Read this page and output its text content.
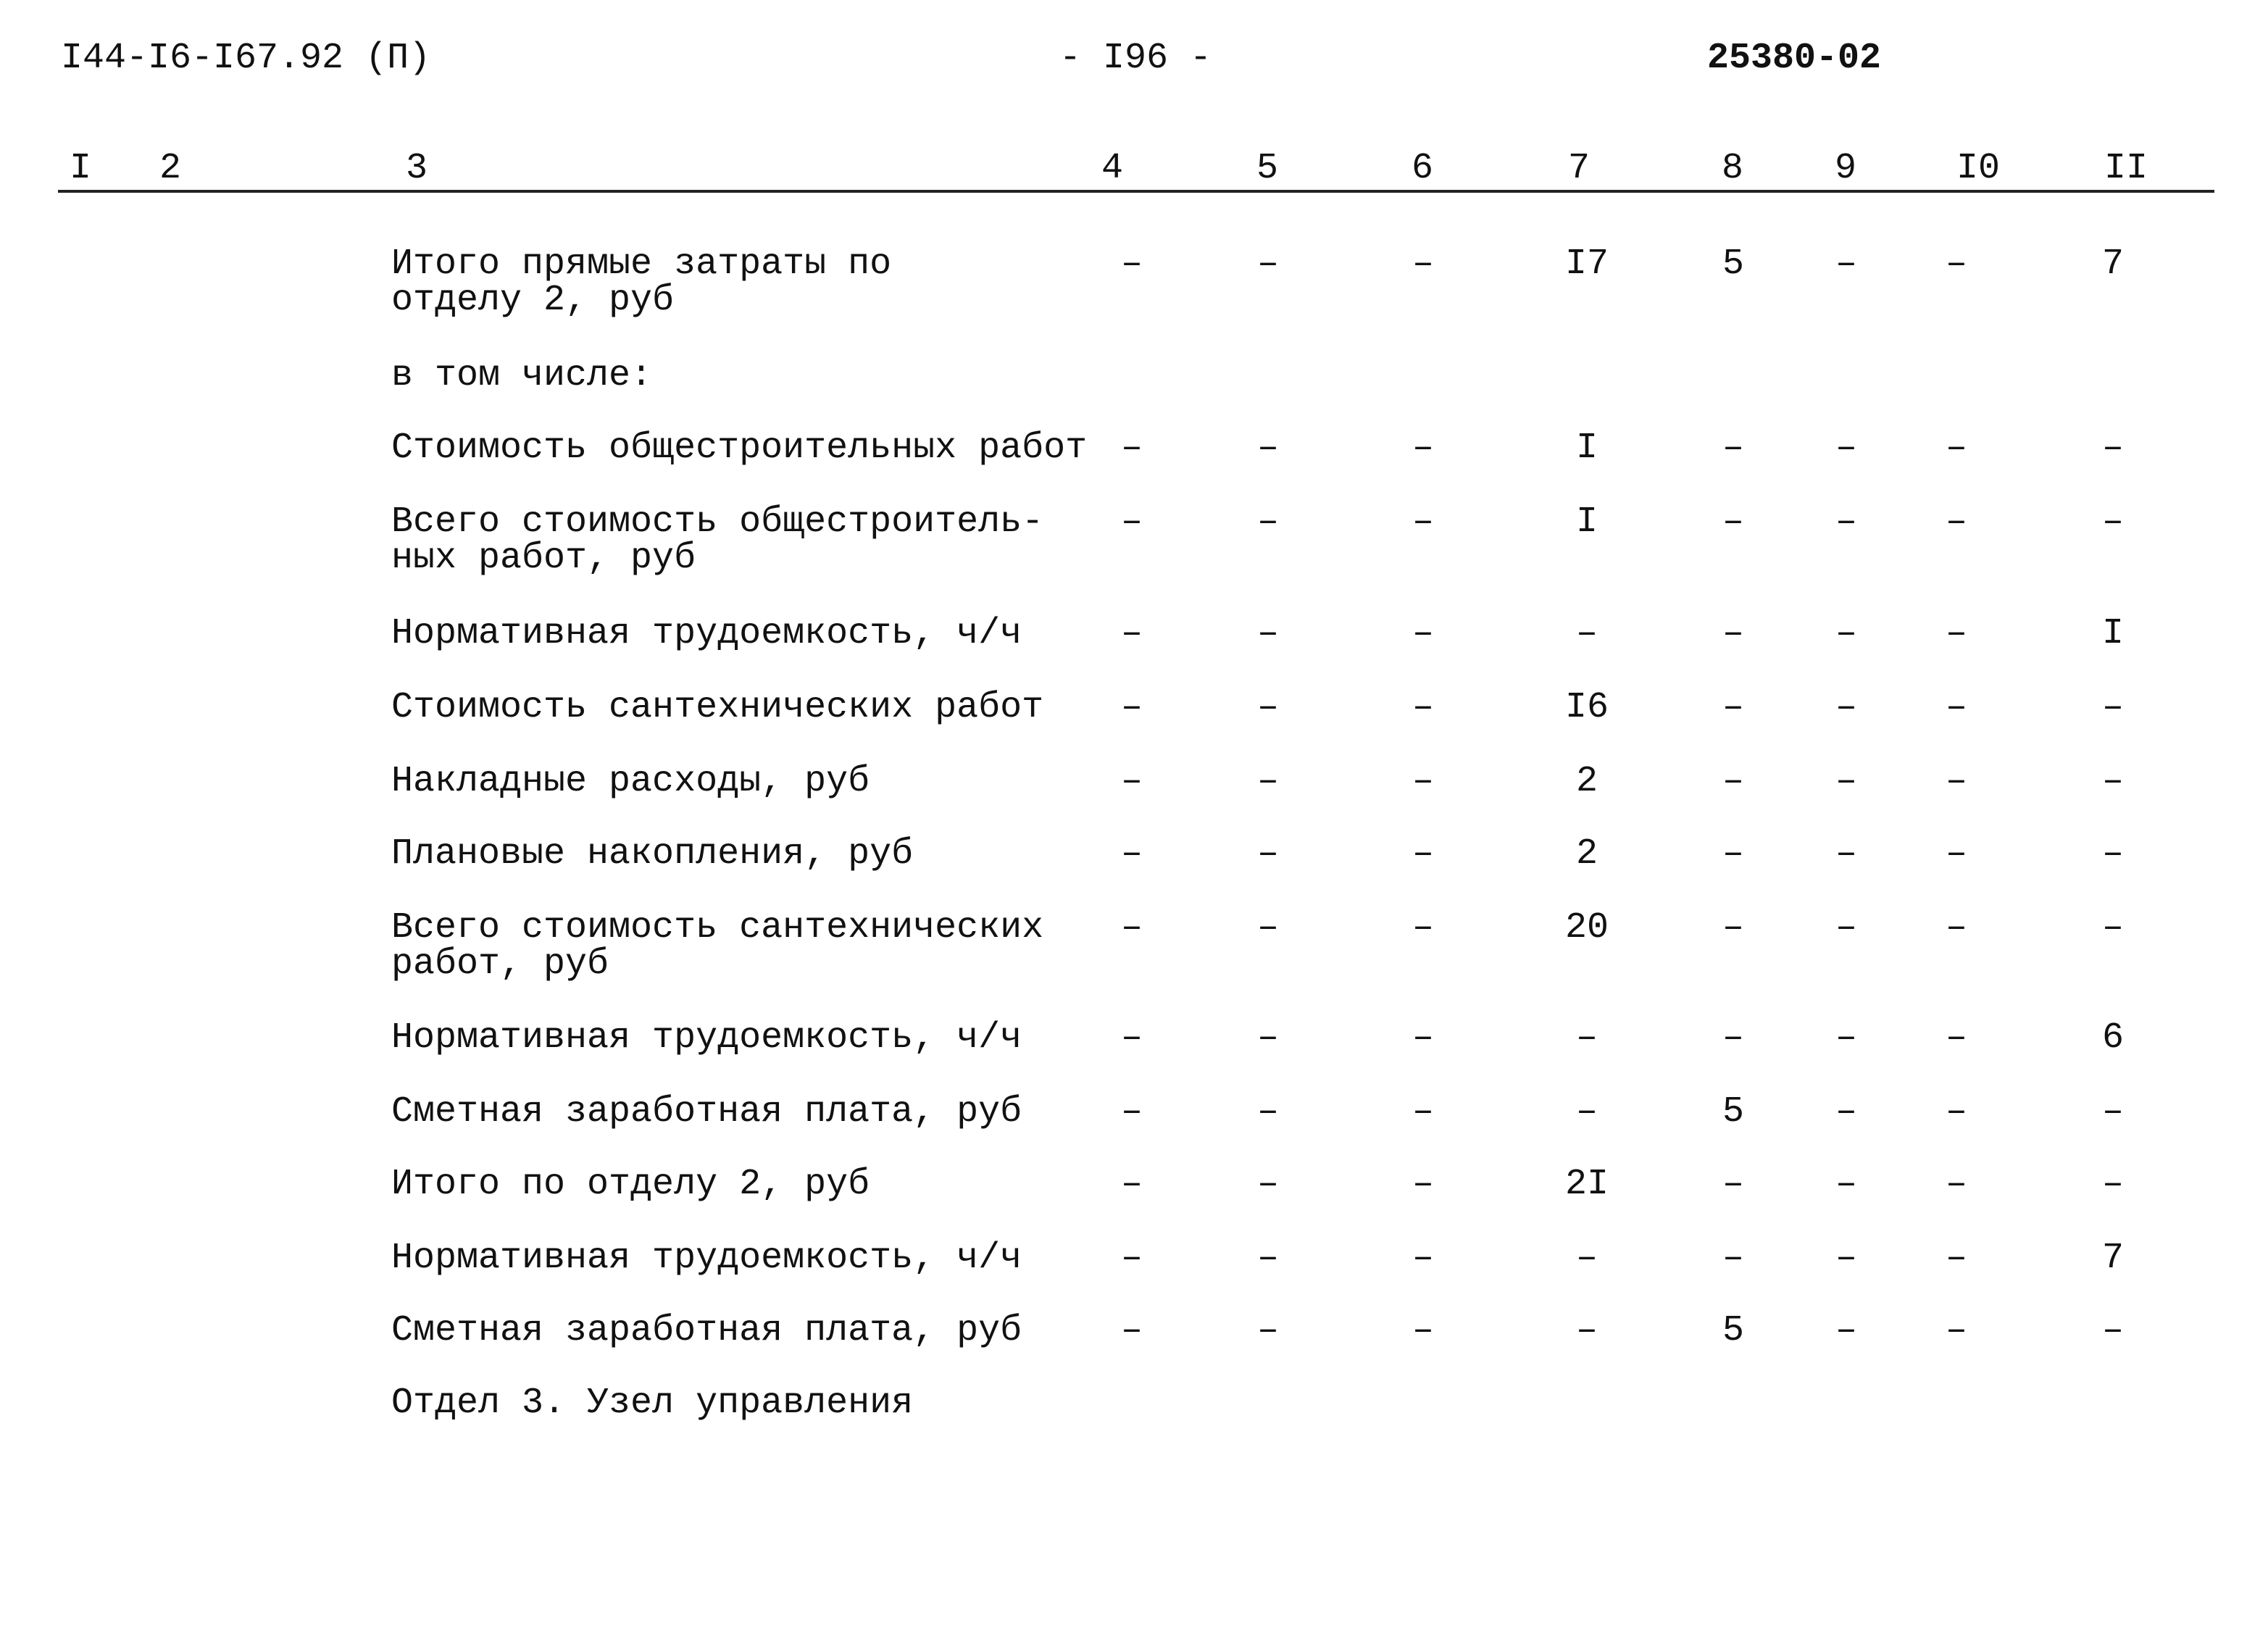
I44-I6-I67.92 (П)	- I96 -	25380-02
I 2	3	4	5	6	7	8	9	I0	II
Итого прямые затраты по
отделу 2, руб
–	–	–	I7	5	–	–	7
в том числе:
Стоимость общестроительных работ –	–	–	I	–	–	–	–
Всего стоимость общестроитель-
ных работ, руб
–	–	–	I	–	–	–	–
Нормативная трудоемкость, ч/ч	–	–	–	–	–	–	–	I
Стоимость сантехнических работ	–	–	–	I6	–	–	–	–
Накладные расходы, руб	–	–	–	2	–	–	–	–
Плановые накопления, руб	–	–	–	2	–	–	–	–
Всего стоимость сантехнических
работ, руб
–	–	–	20	–	–	–	–
Нормативная трудоемкость, ч/ч	–	–	–	–	–	–	–	6
Сметная заработная плата, руб	–	–	–	–	5	–	–	–
Итого по отделу 2, руб	–	–	–	2I	–	–	–	–
Нормативная трудоемкость, ч/ч	–	–	–	–	–	–	–	7
Сметная заработная плата, руб	–	–	–	–	5	–	–	–
Отдел 3. Узел управления
